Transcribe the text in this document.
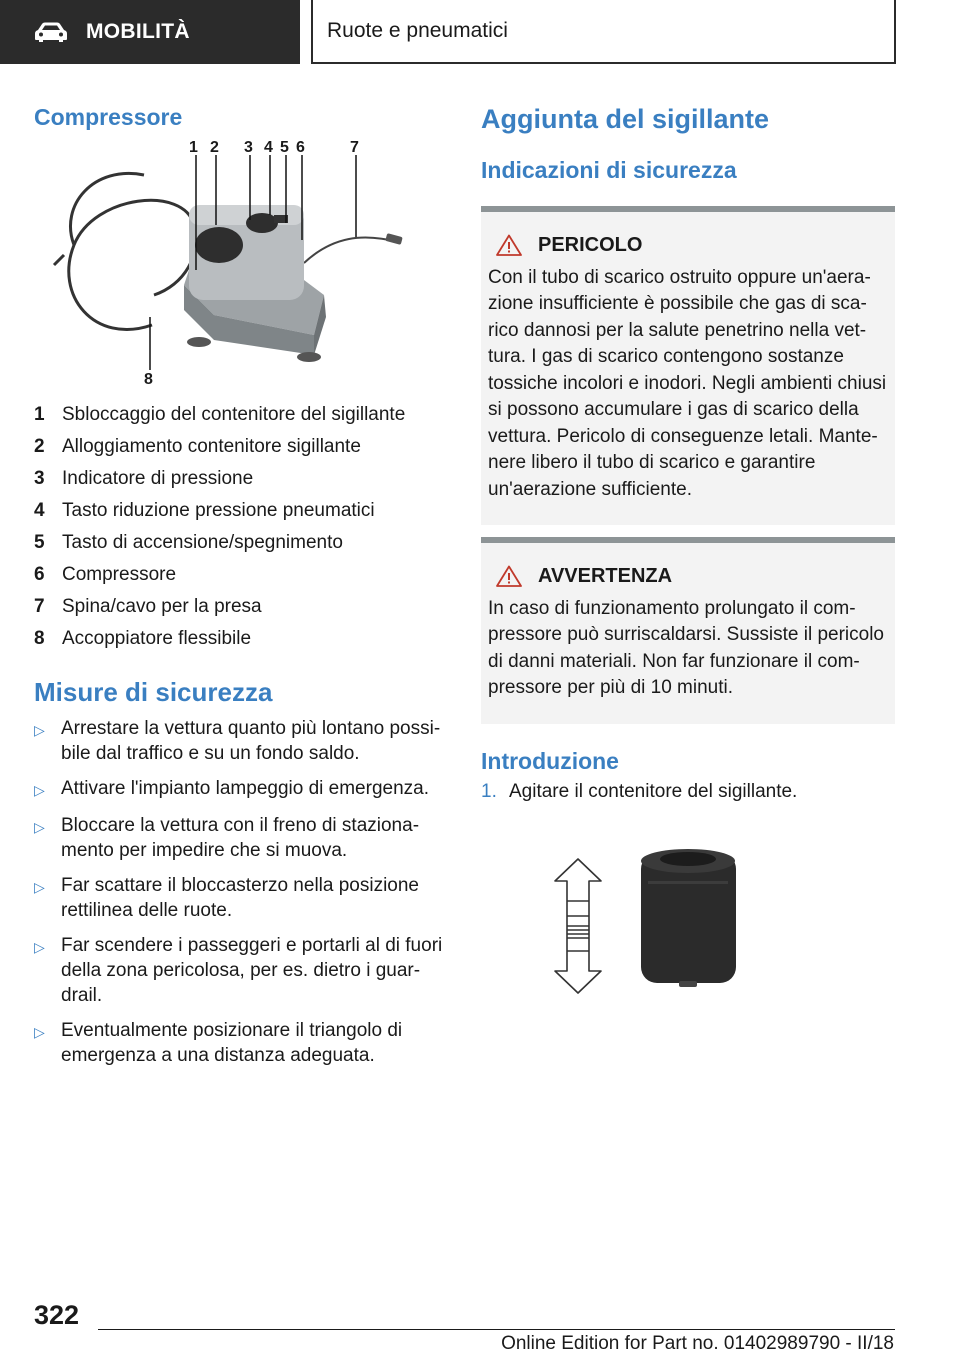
MOBILITÀ	Ruote e pneumatici
Compressore
1 2 3 4 5 6	7
8
1 Sbloccaggio del contenitore del sigillante
2 Alloggiamento contenitore sigillante
3 Indicatore di pressione
4 Tasto riduzione pressione pneumatici
5 Tasto di accensione/spegnimento
6 Compressore
7 Spina/cavo per la presa
8 Accoppiatore flessibile
Misure di sicurezza
▷ Arrestare la vettura quanto più lontano possibile dal traffico e su un fondo saldo.
▷ Attivare l'impianto lampeggio di emergenza.
▷ Bloccare la vettura con il freno di stazionamento per impedire che si muova.
▷ Far scattare il bloccasterzo nella posizione rettilinea delle ruote.
▷ Far scendere i passeggeri e portarli al di fuori della zona pericolosa, per es. dietro i guardrail.
▷ Eventualmente posizionare il triangolo di emergenza a una distanza adeguata.
Aggiunta del sigillante
Indicazioni di sicurezza
PERICOLO
Con il tubo di scarico ostruito oppure un'aerazione insufficiente è possibile che gas di scarico dannosi per la salute penetrino nella vettura. I gas di scarico contengono sostanze tossiche incolori e inodori. Negli ambienti chiusi si possono accumulare i gas di scarico della vettura. Pericolo di conseguenze letali. Mantenere libero il tubo di scarico e garantire un'aerazione sufficiente.
AVVERTENZA
In caso di funzionamento prolungato il compressore può surriscaldarsi. Sussiste il pericolo di danni materiali. Non far funzionare il compressore per più di 10 minuti.
Introduzione
1. Agitare il contenitore del sigillante.
322
Online Edition for Part no. 01402989790 - II/18
